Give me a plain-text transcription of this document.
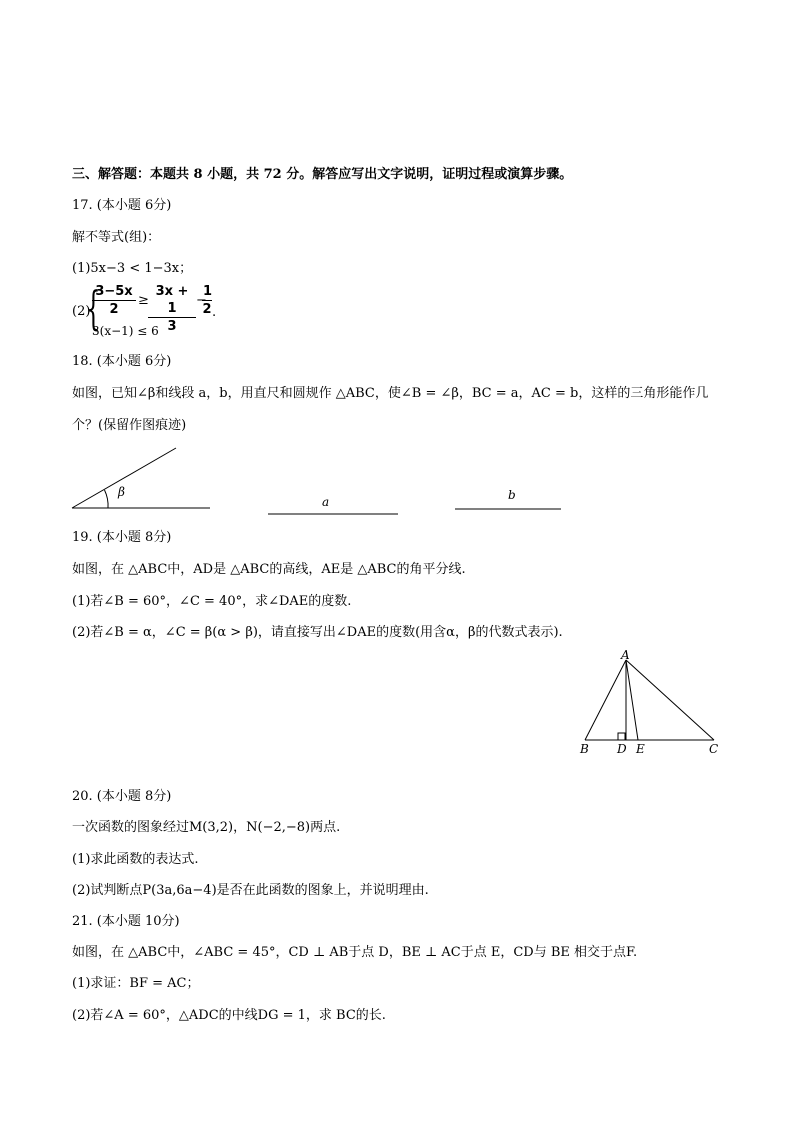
三、解答题：本题共 8 小题，共 72 分。解答应写出文字说明，证明过程或演算步骤。
17. (本小题 6分)
解不等式(组)：
(1)5x−3 < 1−3x；
(2)
{
$\frac{3-5x}{2} \ge \frac{3x + 1}{3}$ −
$\frac{1}{2}$ .
3(x−1) ≤ 6
18. (本小题 6分)
如图，已知∠β和线段 a，b，用直尺和圆规作 △ABC，使∠B = ∠β，BC = a，AC = b，这样的三角形能作几
个？(保留作图痕迹)
β
a	b
19. (本小题 8分)
如图，在 △ABC中，AD是 △ABC的高线，AE是 △ABC的角平分线.
(1)若∠B = 60°，∠C = 40°，求∠DAE的度数.
(2)若∠B = α，∠C = β(α > β)，请直接写出∠DAE的度数(用含α，β的代数式表示).
A
B D E	C
20. (本小题 8分)
一次函数的图象经过M(3,2)，N(−2,−8)两点.
(1)求此函数的表达式.
(2)试判断点P(3a,6a−4)是否在此函数的图象上，并说明理由.
21. (本小题 10分)
如图，在 △ABC中，∠ABC = 45°，CD ⊥ AB于点 D，BE ⊥ AC于点 E，CD与 BE 相交于点F.
(1)求证：BF = AC；
(2)若∠A = 60°，△ADC的中线DG = 1，求 BC的长.
